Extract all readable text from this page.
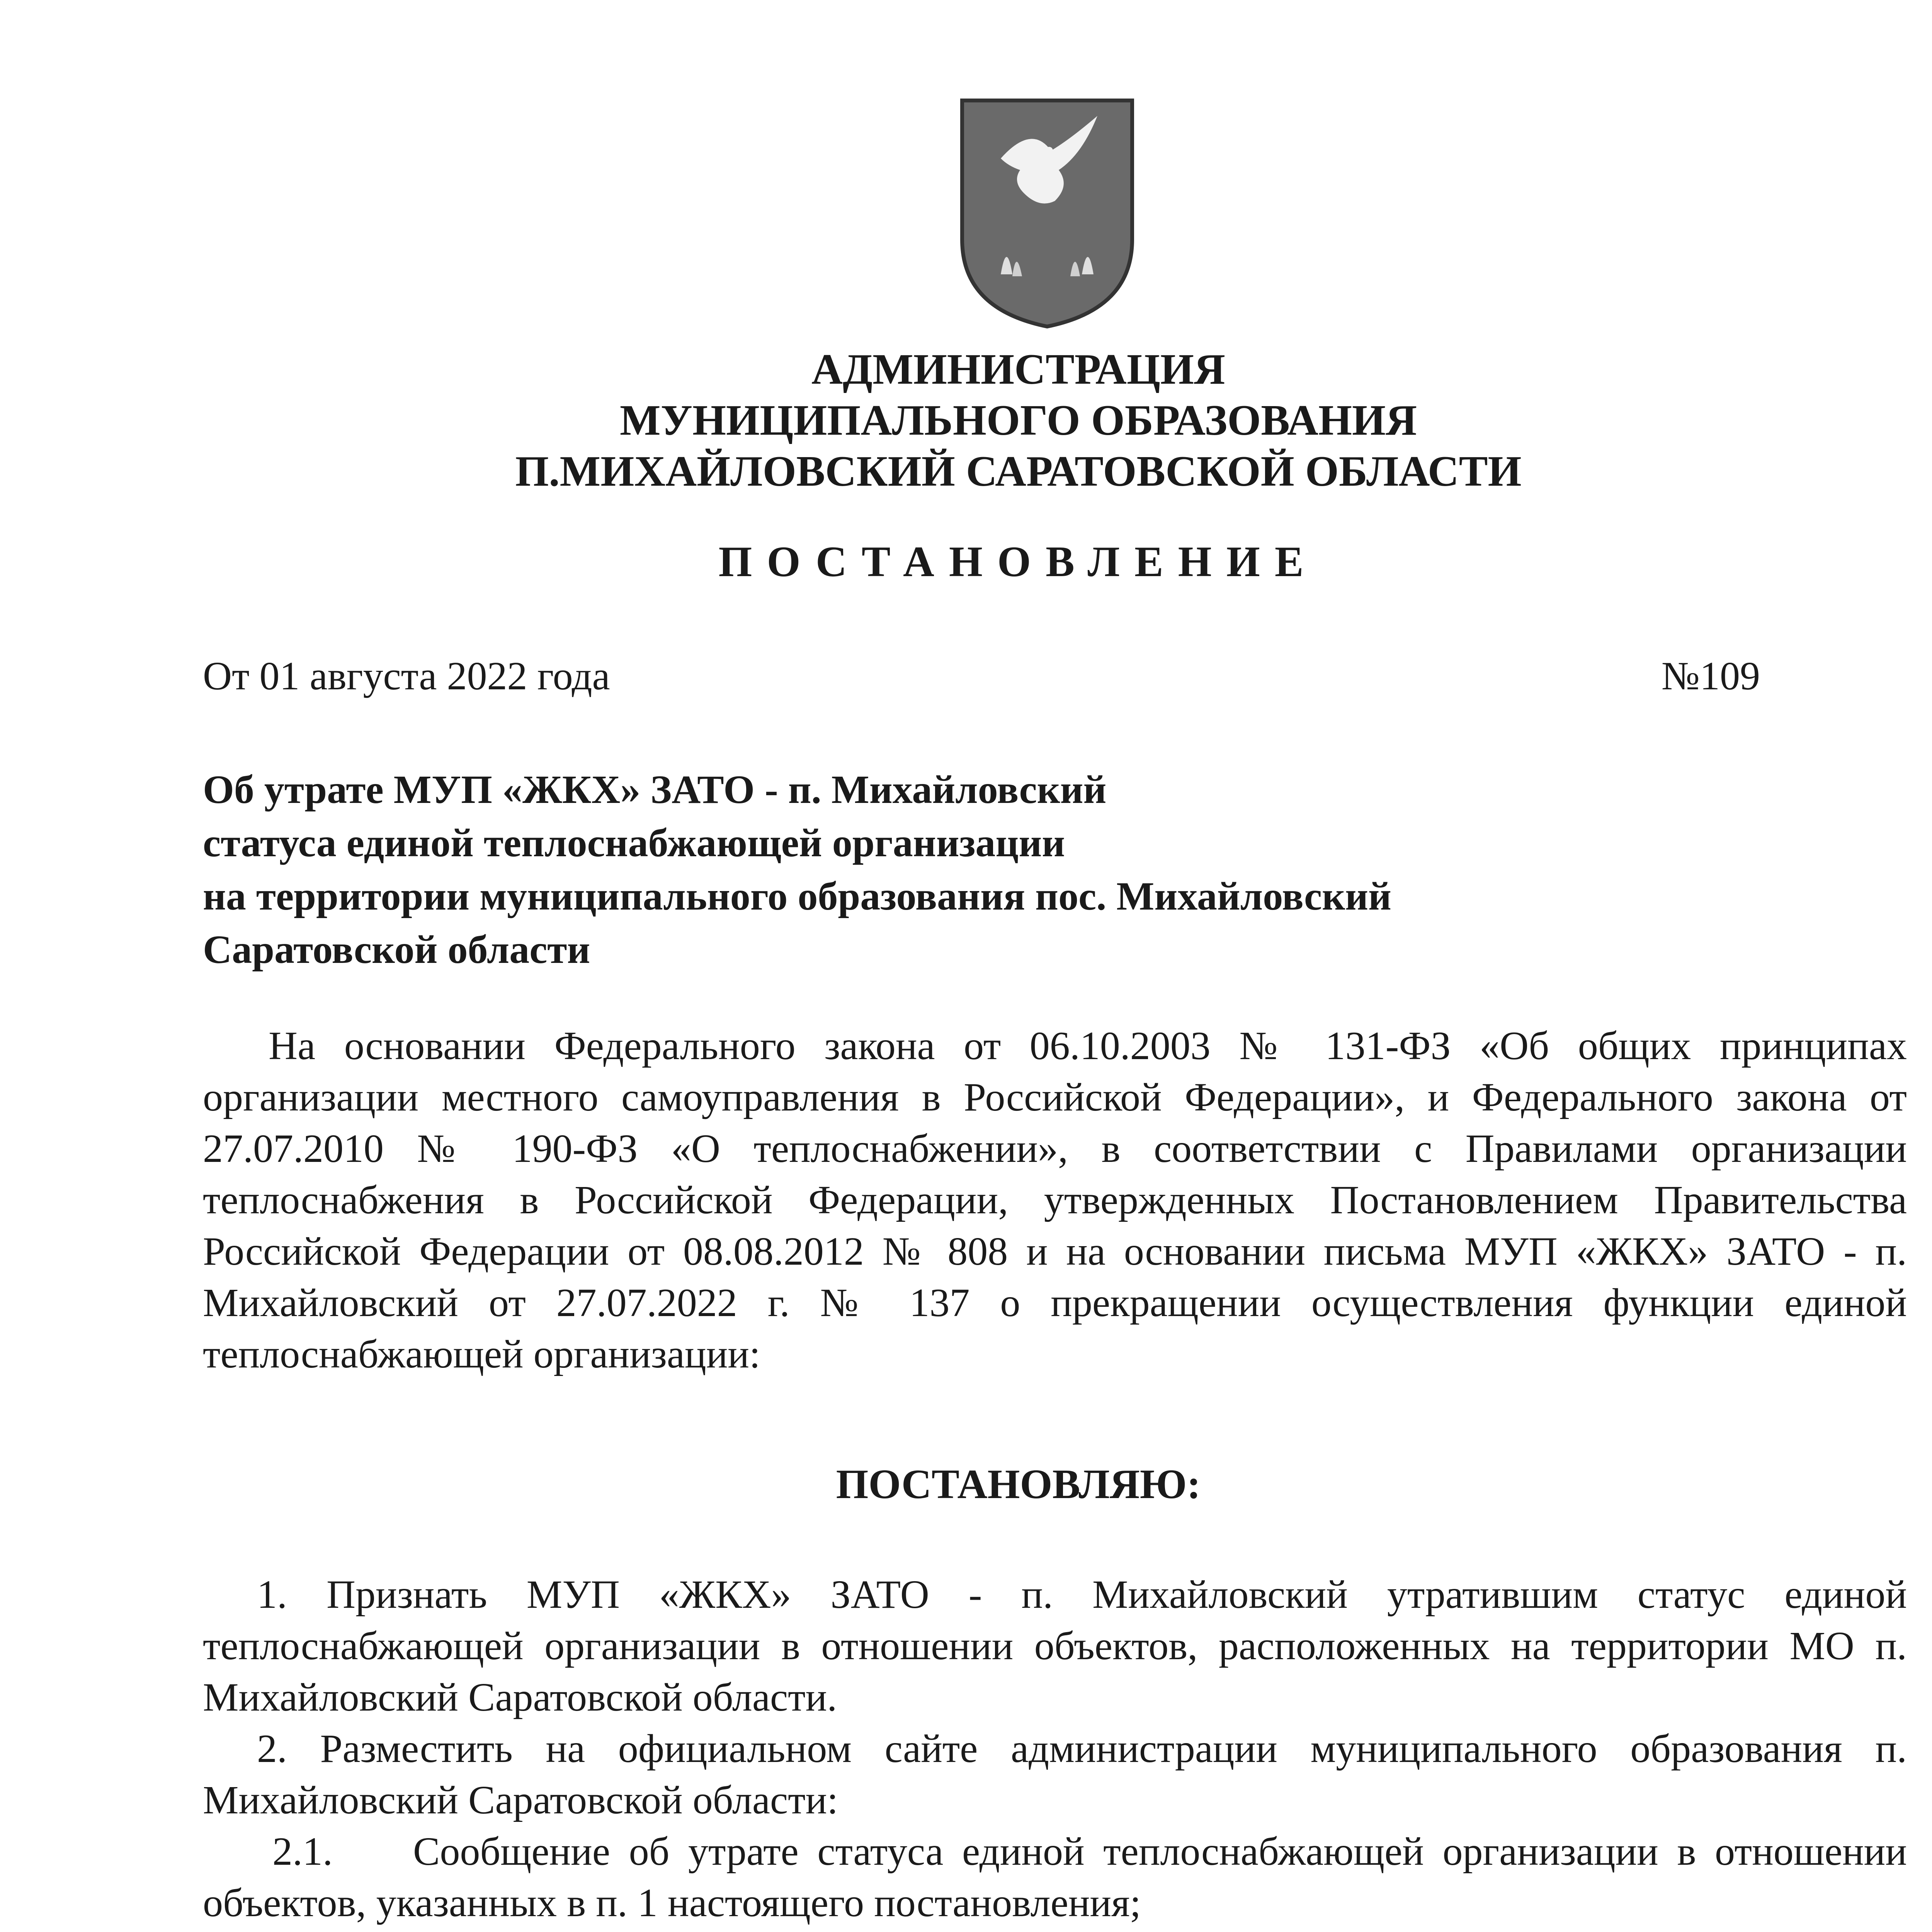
АДМИНИСТРАЦИЯ
МУНИЦИПАЛЬНОГО ОБРАЗОВАНИЯ
П.МИХАЙЛОВСКИЙ САРАТОВСКОЙ ОБЛАСТИ
ПОСТАНОВЛЕНИЕ
От 01 августа 2022 года	№109
Об утрате МУП «ЖКХ» ЗАТО - п. Михайловский
статуса единой теплоснабжающей организации
на территории муниципального образования пос. Михайловский
Саратовской области

На основании Федерального закона от 06.10.2003 № 131-ФЗ «Об общих принципах организации местного самоуправления в Российской Федерации», и Федерального закона от 27.07.2010 № 190-ФЗ «О теплоснабжении», в соответствии с Правилами организации теплоснабжения в Российской Федерации, утвержденных Постановлением Правительства Российской Федерации от 08.08.2012 № 808 и на основании письма МУП «ЖКХ» ЗАТО - п. Михайловский от 27.07.2022 г. № 137 о прекращении осуществления функции единой теплоснабжающей организации:

ПОСТАНОВЛЯЮ:

1. Признать МУП «ЖКХ» ЗАТО - п. Михайловский утратившим статус единой теплоснабжающей организации в отношении объектов, расположенных на территории МО п. Михайловский Саратовской области.

2. Разместить на официальном сайте администрации муниципального образования п. Михайловский Саратовской области:

2.1.  Сообщение об утрате статуса единой теплоснабжающей организации в отношении объектов, указанных в п. 1 настоящего постановления;
